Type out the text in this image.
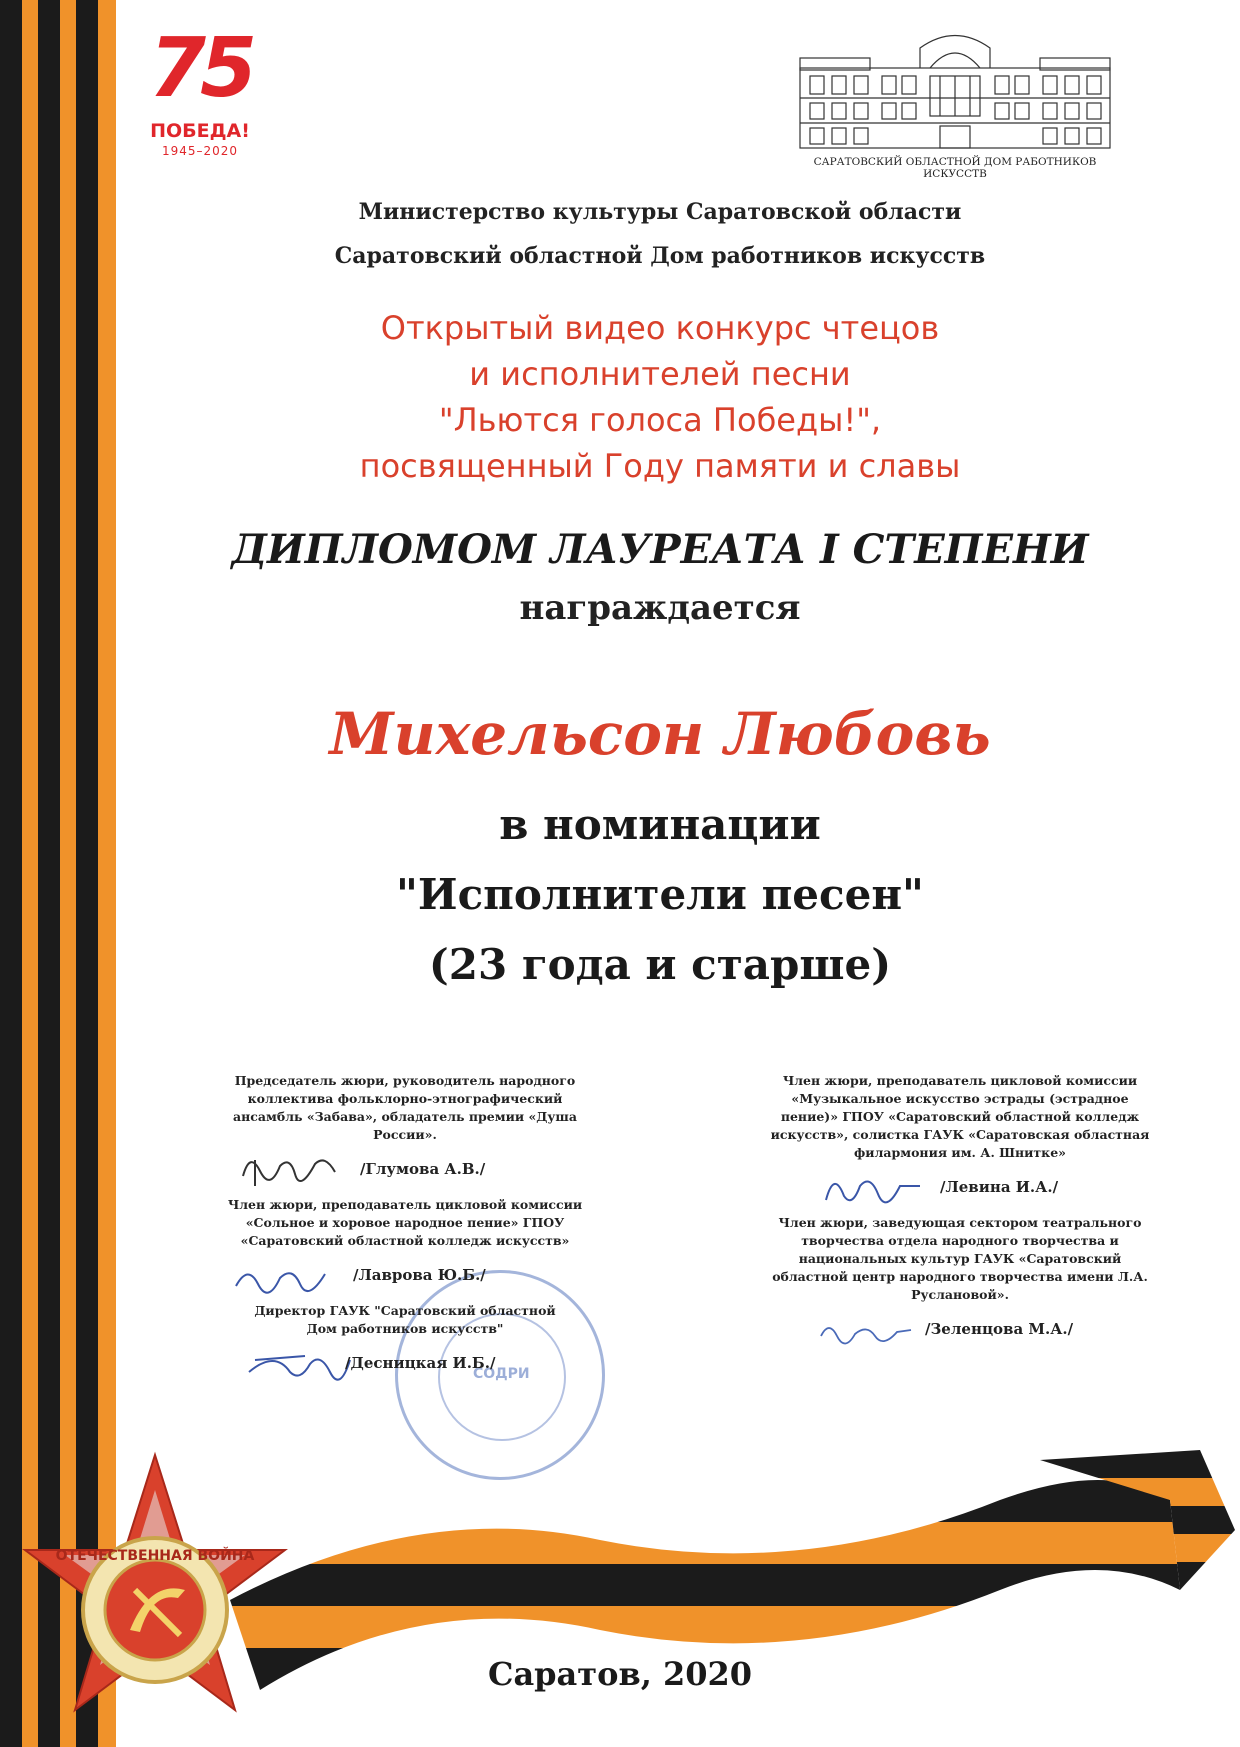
75
ПОБЕДА!
1945–2020
САРАТОВСКИЙ ОБЛАСТНОЙ ДОМ РАБОТНИКОВ ИСКУССТВ
Министерство культуры Саратовской области
Саратовский областной Дом работников искусств
Открытый видео конкурс чтецов
и исполнителей песни
"Льются голоса Победы!",
посвященный Году памяти и славы
ДИПЛОМОМ ЛАУРЕАТА I СТЕПЕНИ
награждается
Михельсон Любовь
в номинации
"Исполнители песен"
(23 года и старше)
СОДРИ
Председатель жюри, руководитель народного коллектива фольклорно-этнографический ансамбль «Забава», обладатель премии «Душа России».
/Глумова А.В./
Член жюри, преподаватель цикловой комиссии «Сольное и хоровое народное пение» ГПОУ «Саратовский областной колледж искусств»
/Лаврова Ю.Б./
Директор ГАУК "Саратовский областной Дом работников искусств"
/Десницкая И.Б./
Член жюри, преподаватель цикловой комиссии «Музыкальное искусство эстрады (эстрадное пение)» ГПОУ «Саратовский областной колледж искусств», солистка ГАУК «Саратовская областная филармония им. А. Шнитке»
/Левина И.А./
Член жюри, заведующая сектором театрального творчества отдела народного творчества и национальных культур ГАУК «Саратовский областной центр народного творчества имени Л.А. Руслановой».
/Зеленцова М.А./
ОТЕЧЕСТВЕННАЯ ВОЙНА
Саратов, 2020
